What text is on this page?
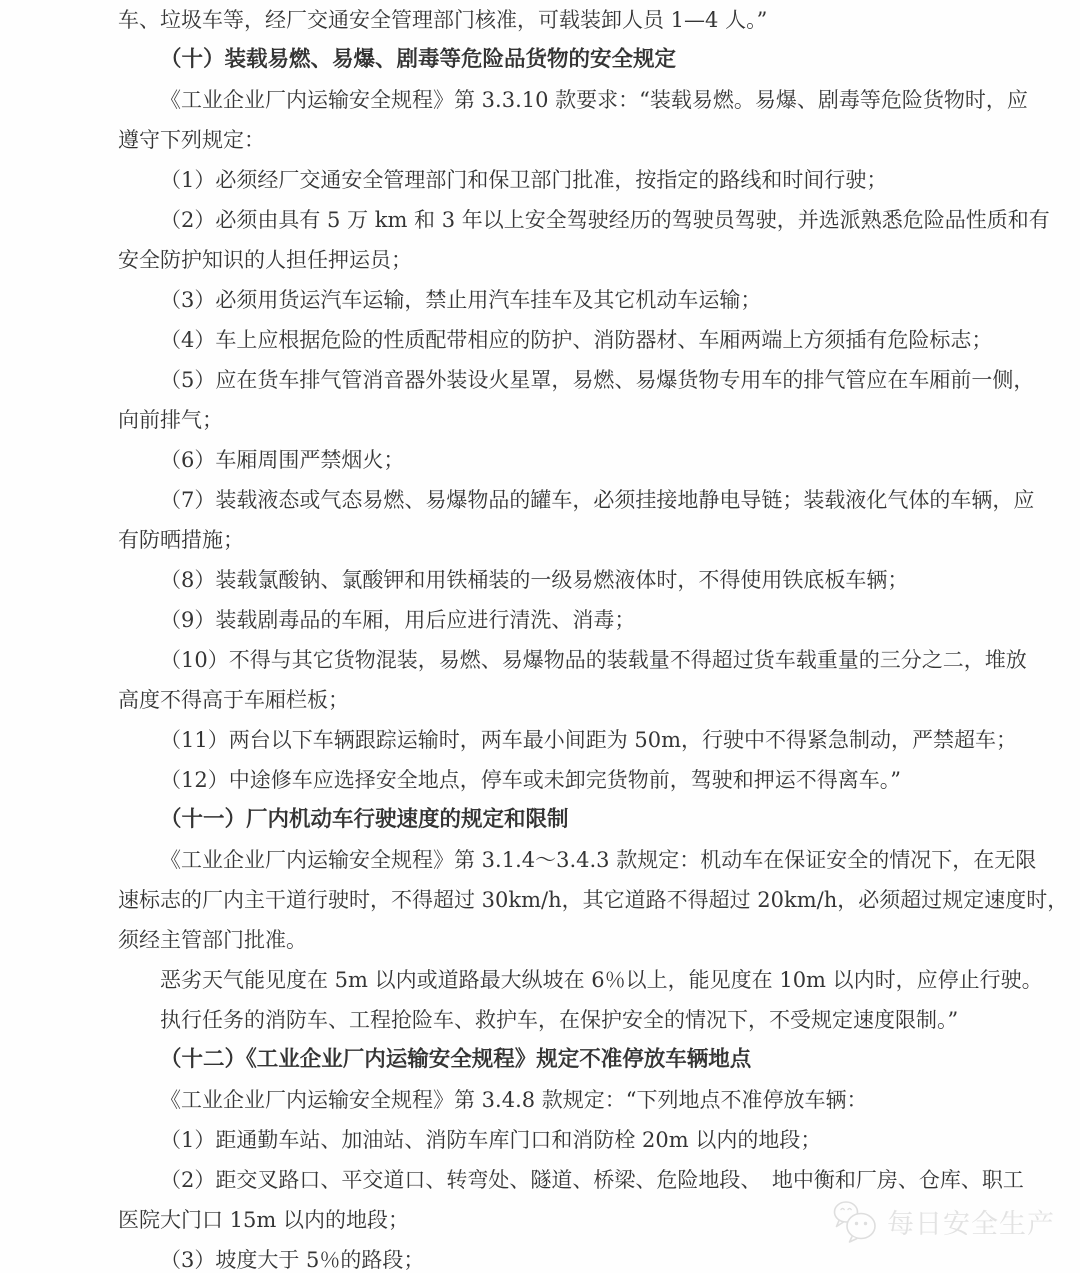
车、垃圾车等，经厂交通安全管理部门核准，可载装卸人员 1—4 人。”
（十）装载易燃、易爆、剧毒等危险品货物的安全规定
《工业企业厂内运输安全规程》第 3.3.10 款要求：“装载易燃。易爆、剧毒等危险货物时，应
遵守下列规定：
（1）必须经厂交通安全管理部门和保卫部门批准，按指定的路线和时间行驶；
（2）必须由具有 5 万 km 和 3 年以上安全驾驶经历的驾驶员驾驶，并选派熟悉危险品性质和有
安全防护知识的人担任押运员；
（3）必须用货运汽车运输，禁止用汽车挂车及其它机动车运输；
（4）车上应根据危险的性质配带相应的防护、消防器材、车厢两端上方须插有危险标志；
（5）应在货车排气管消音器外装设火星罩，易燃、易爆货物专用车的排气管应在车厢前一侧，
向前排气；
（6）车厢周围严禁烟火；
（7）装载液态或气态易燃、易爆物品的罐车，必须挂接地静电导链；装载液化气体的车辆，应
有防晒措施；
（8）装载氯酸钠、氯酸钾和用铁桶装的一级易燃液体时，不得使用铁底板车辆；
（9）装载剧毒品的车厢，用后应进行清洗、消毒；
（10）不得与其它货物混装，易燃、易爆物品的装载量不得超过货车载重量的三分之二，堆放
高度不得高于车厢栏板；
（11）两台以下车辆跟踪运输时，两车最小间距为 50m，行驶中不得紧急制动，严禁超车；
（12）中途修车应选择安全地点，停车或未卸完货物前，驾驶和押运不得离车。”
（十一）厂内机动车行驶速度的规定和限制
《工业企业厂内运输安全规程》第 3.1.4～3.4.3 款规定：机动车在保证安全的情况下，在无限
速标志的厂内主干道行驶时，不得超过 30km/h，其它道路不得超过 20km/h，必须超过规定速度时，
须经主管部门批准。
恶劣天气能见度在 5m 以内或道路最大纵坡在 6％以上，能见度在 10m 以内时，应停止行驶。
执行任务的消防车、工程抢险车、救护车，在保护安全的情况下，不受规定速度限制。”
（十二）《工业企业厂内运输安全规程》规定不准停放车辆地点
《工业企业厂内运输安全规程》第 3.4.8 款规定：“下列地点不准停放车辆：
（1）距通勤车站、加油站、消防车库门口和消防栓 20m 以内的地段；
（2）距交叉路口、平交道口、转弯处、隧道、桥梁、危险地段、　地中衡和厂房、仓库、职工
医院大门口 15m 以内的地段；
（3）坡度大于 5％的路段；
每日安全生产
